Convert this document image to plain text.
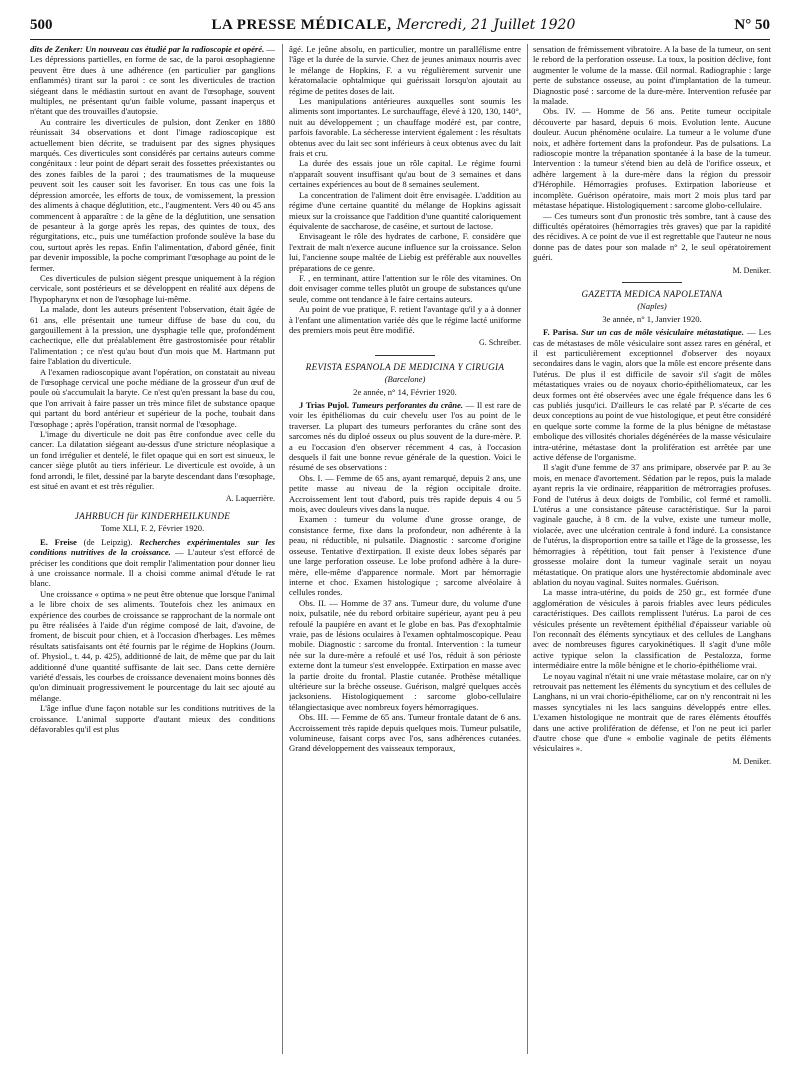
500	LA PRESSE MÉDICALE, Mercredi, 21 Juillet 1920	N° 50

dits de Zenker: Un nouveau cas étudié par la radioscopie et opéré. — Les dépressions partielles, en forme de sac, de la paroi œsophagienne peuvent être dues à une adhérence (en particulier par ganglions enflammés) tirant sur la paroi : ce sont les diverticules de traction siégeant dans le médiastin surtout en avant de l'œsophage, souvent multiples, ne présentant qu'un faible volume, passant inaperçus et n'étant que des trouvailles d'autopsie.

Au contraire les diverticules de pulsion, dont Zenker en 1880 réunissait 34 observations et dont l'image radioscopique est actuellement bien décrite, se traduisent par des signes physiques marqués. Ces diverticules sont considérés par certains auteurs comme congénitaux : leur point de départ serait des fossettes préexistantes ou des zones faibles de la paroi ; des traumatismes de la muqueuse peuvent soit les causer soit les favoriser. En tous cas une fois la dépression amorcée, les efforts de toux, de vomissement, la pression des aliments à chaque déglutition, etc., l'augmentent. Vers 40 ou 45 ans commencent à apparaître : de la gêne de la déglutition, une sensation de pesanteur à la gorge après les repas, des quintes de toux, des régurgitations, etc., puis une tuméfaction profonde soulève la base du cou, surtout après les repas. Enfin l'alimentation, d'abord gênée, finit par devenir impossible, la poche comprimant l'œsophage au point de le fermer.

Ces diverticules de pulsion siègent presque uniquement à la région cervicale, sont postérieurs et se développent en réalité aux dépens de l'hypopharynx et non de l'œsophage lui-même.

La malade, dont les auteurs présentent l'observation, était âgée de 61 ans, elle présentait une tumeur diffuse de base du cou, du gargouillement à la pression, une dysphagie telle que, profondément cachectique, elle dut préalablement être gastrostomisée pour rétablir l'alimentation ; ce n'est qu'au bout d'un mois que M. Hartmann put faire l'ablation du diverticule.

A l'examen radioscopique avant l'opération, on constatait au niveau de l'œsophage cervical une poche médiane de la grosseur d'un œuf de poule où s'accumulait la baryte. Ce n'est qu'en pressant la base du cou, que l'on arrivait à faire passer un très mince filet de substance opaque qui partant du bord antérieur et supérieur de la poche, toubait dans l'œsophage ; après l'opération, transit normal de l'œsophage.

L'image du diverticule ne doit pas être confondue avec celle du cancer. La dilatation siégeant au-dessus d'une stricture néoplasique a un fond irrégulier et dentelé, le filet opaque qui en sort est sinueux, le cancer siège plutôt au tiers inférieur. Le diverticule est ovoïde, à un fond arrondi, le filet, dessiné par la baryte descendant dans l'œsophage, est situé en avant et est très régulier.

A. Laquerrière.

JAHRBUCH für KINDERHEILKUNDE
Tome XLI, F. 2, Février 1920.

E. Freise (de Leipzig). Recherches expérimentales sur les conditions nutritives de la croissance. — L'auteur s'est efforcé de préciser les conditions que doit remplir l'alimentation pour donner lieu à une croissance normale. Il a choisi comme animal d'étude le rat blanc.

Une croissance « optima » ne peut être obtenue que lorsque l'animal a le libre choix de ses aliments. Toutefois chez les animaux en expérience des courbes de croissance se rapprochant de la normale ont pu être réalisées à l'aide d'un régime composé de lait, d'avoine, de froment, de biscuit pour chien, et à l'occasion d'herbages. Les mêmes résultats satisfaisants ont été fournis par le régime de Hopkins (Journ. of. Physiol., t. 44, p. 425), additionné de lait, de même que par du lait additionné d'une quantité suffisante de lait sec. Dans cette dernière variété d'essais, les courbes de croissance devenaient moins bonnes dès qu'on diminuait progressivement le pourcentage du lait sec ajouté au mélange.

L'âge influe d'une façon notable sur les conditions nutritives de la croissance. L'animal supporte d'autant mieux des conditions défavorables qu'il est plus

âgé. Le jeûne absolu, en particulier, montre un parallélisme entre l'âge et la durée de la survie. Chez de jeunes animaux nourris avec le mélange de Hopkins, F. a vu régulièrement survenir une kératomalacie ophtalmique qui guérissait lorsqu'on ajoutait au régime de petites doses de lait.

Les manipulations antérieures auxquelles sont soumis les aliments sont importantes. Le surchauffage, élevé à 120, 130, 140°, nuit au développement ; un chauffage modéré est, par contre, parfois favorable. La sécheresse intervient également : les résultats obtenus avec du lait sec sont inférieurs à ceux obtenus avec du lait frais et cru.

La durée des essais joue un rôle capital. Le régime fourni n'apparaît souvent insuffisant qu'au bout de 3 semaines et dans certaines expériences au bout de 8 semaines seulement.

La concentration de l'aliment doit être envisagée. L'addition au régime d'une certaine quantité du mélange de Hopkins agissait mieux sur la croissance que l'addition d'une quantité caloriquement équivalente de saccharose, de caséine, et surtout de lactose.

Envisageant le rôle des hydrates de carbone, F. considère que l'extrait de malt n'exerce aucune influence sur la croissance. Selon lui, l'ancienne soupe maltée de Liebig est préférable aux nouvelles préparations de ce genre.

F. , en terminant, attire l'attention sur le rôle des vitamines. On doit envisager comme telles plutôt un groupe de substances qu'une seule, comme ont tendance à le faire certains auteurs.

Au point de vue pratique, F. retient l'avantage qu'il y a à donner à l'enfant une alimentation variée dès que le régime lacté uniforme des premiers mois peut être modifié.

G. Schreiber.

REVISTA ESPANOLA DE MEDICINA Y CIRUGIA
(Barcelone)
2e année, n° 14, Février 1920.

J Trias Pujol. Tumeurs perforantes du crâne. — Il est rare de voir les épithéliomas du cuir chevelu user l'os au point de le traverser. La plupart des tumeurs perforantes du crâne sont des sarcomes nés du diploé osseux ou plus souvent de la dure-mère. P. a eu l'occasion d'en observer récemment 4 cas, à l'occasion desquels il fait une bonne revue générale de la question. Voici le résumé de ses observations :

Obs. I. — Femme de 65 ans, ayant remarqué, depuis 2 ans, une petite masse au niveau de la région occipitale droite. Accroissement lent tout d'abord, puis très rapide depuis 4 ou 5 mois, avec douleurs vives dans la nuque.

Examen : tumeur du volume d'une grosse orange, de consistance ferme, fixe dans la profondeur, non adhérente à la peau, ni réductible, ni pulsatile. Diagnostic : sarcome d'origine osseuse. Tentative d'extirpation. Il existe deux lobes séparés par une large perforation osseuse. Le lobe profond adhère à la dure-mère, elle-même d'apparence normale. Mort par hémorragie interne et choc. Examen histologique ; sarcome alvéolaire à cellules rondes.

Obs. II. — Homme de 37 ans. Tumeur dure, du volume d'une noix, pulsatile, née du rebord orbitaire supérieur, ayant peu à peu refoulé la paupière en avant et le globe en bas. Pas d'exophtalmie vraie, pas de lésions oculaires à l'examen ophtalmoscopique. Peau mobile. Diagnostic : sarcome du frontal. Intervention : la tumeur née sur la dure-mère a refoulé et usé l'os, réduit à son périoste externe dont la tumeur s'est enveloppée. Extirpation en masse avec la partie droite du frontal. Plastie cutanée. Prothèse métallique ultérieure sur la brèche osseuse. Guérison, malgré quelques accès jacksoniens. Histologiquement : sarcome globo-cellulaire télangiectasique avec nombreux foyers hémorragiques.

Obs. III. — Femme de 65 ans. Tumeur frontale datant de 6 ans. Accroissement très rapide depuis quelques mois. Tumeur pulsatile, volumineuse, faisant corps avec l'os, sans adhérences cutanées. Grand développement des vaisseaux temporaux,

sensation de frémissement vibratoire. A la base de la tumeur, on sent le rebord de la perforation osseuse. La toux, la position déclive, font augmenter le volume de la masse. Œil normal. Radiographie : large perte de substance osseuse, au point d'implantation de la tumeur. Diagnostic posé : sarcome de la dure-mère. Intervention refusée par la malade.

Obs. IV. — Homme de 56 ans. Petite tumeur occipitale découverte par hasard, depuis 6 mois. Evolution lente. Aucune douleur. Aucun phénomène oculaire. La tumeur a le volume d'une noix, et adhère fortement dans la profondeur. Pas de pulsations. La radioscopie montre la trépanation spontanée à la base de la tumeur. Intervention : la tumeur s'étend bien au delà de l'orifice osseux, et adhère largement à la dure-mère dans la région du pressoir d'Hérophile. Hémorragies profuses. Extirpation laborieuse et incomplète. Guérison opératoire, mais mort 2 mois plus tard par métastase hépatique. Histologiquement : sarcome globo-cellulaire.

— Ces tumeurs sont d'un pronostic très sombre, tant à cause des difficultés opératoires (hémorragies très graves) que par la rapidité des récidives. A ce point de vue il est regrettable que l'auteur ne nous donne pas de dates pour son malade n° 2, le seul opératoirement guéri.

M. Deniker.

GAZETTA MEDICA NAPOLETANA
(Naples)
3e année, n° 1, Janvier 1920.

F. Parisa. Sur un cas de môle vésiculaire métastatique. — Les cas de métastases de môle vésiculaire sont assez rares en général, et il est particulièrement exceptionnel d'observer des noyaux secondaires dans le vagin, alors que la môle est encore présente dans l'utérus. De plus il est difficile de savoir s'il s'agit de môles métastatiques vraies ou de noyaux chorio-épithéliomateux, car les deux formes ont été observées avec une égale fréquence dans les 6 cas publiés jusqu'ici. D'ailleurs le cas relaté par P. s'écarte de ces deux conceptions au point de vue histologique, et peut être considéré en quelque sorte comme la forme de la plus bénigne de métastase embolique des villosités choriales dégénérées de la masse vésiculaire intra-utérine, métastase dont la prolifération est arrêtée par une active défense de l'organisme.

Il s'agit d'une femme de 37 ans primipare, observée par P. au 3e mois, en menace d'avortement. Sédation par le repos, puis la malade ayant repris la vie ordinaire, réapparition de métrorragies profuses. Fond de l'utérus à deux doigts de l'ombilic, col fermé et ramolli. L'utérus a une consistance pâteuse caractéristique. Sur la paroi vaginale gauche, à 8 cm. de la vulve, existe une tumeur molle, violacée, avec une ulcération centrale à fond induré. La consistance de l'utérus, la disproportion entre sa taille et l'âge de la grossesse, les hémorragies à répétition, tout fait penser à l'existence d'une grossesse molaire dont la tumeur vaginale serait un noyau métastatique. On pratique alors une hystérectomie abdominale avec ablation du noyau vaginal. Suites normales. Guérison.

La masse intra-utérine, du poids de 250 gr., est formée d'une agglomération de vésicules à parois friables avec leurs pédicules caractéristiques. Des caillots remplissent l'utérus. La paroi de ces vésicules présente un revêtement épithélial d'épaisseur variable où l'on reconnaît des éléments syncytiaux et des cellules de Langhans avec de nombreuses figures caryokinétiques. Il s'agit d'une môle active typique selon la classification de Pestalozza, forme intermédiaire entre la môle bénigne et le chorio-épithéliome vrai.

Le noyau vaginal n'était ni une vraie métastase molaire, car on n'y retrouvait pas nettement les éléments du syncytium et des cellules de Langhans, ni un vrai chorio-épithéliome, car on n'y rencontrait ni les masses syncytiales ni les lacs sanguins développés entre elles. L'examen histologique ne montrait que de rares éléments étouffés dans une active prolifération de défense, et l'on ne peut ici parler d'autre chose que d'une « embolie vaginale de petits éléments vésiculaires ».

M. Deniker.
